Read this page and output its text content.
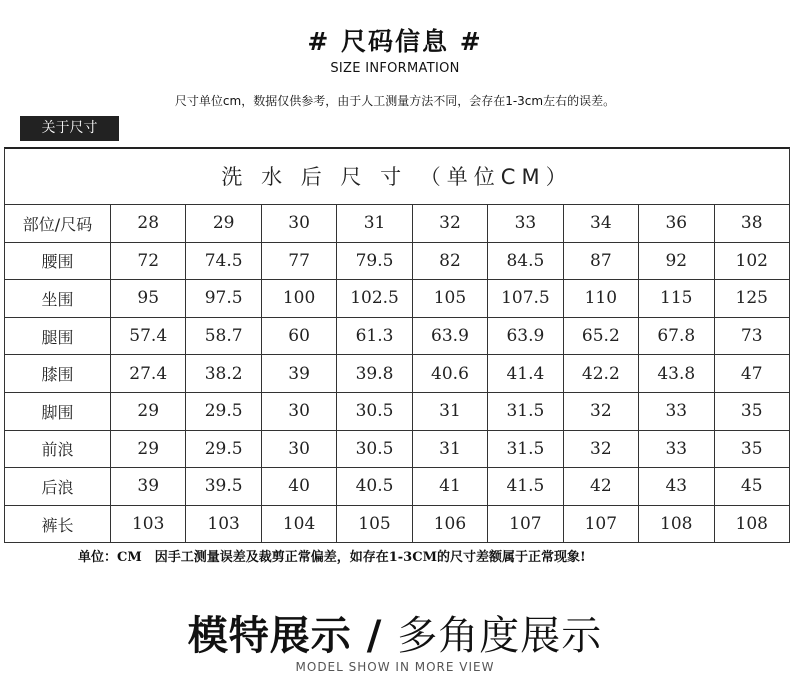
# 尺码信息 #
SIZE INFORMATION
尺寸单位cm，数据仅供参考，由于人工测量方法不同，会存在1-3cm左右的误差。
关于尺寸
洗 水 后 尺 寸 （单位CM）									
部位/尺码	28	29	30	31	32	33	34	36	38
腰围	72	74.5	77	79.5	82	84.5	87	92	102
坐围	95	97.5	100	102.5	105	107.5	110	115	125
腿围	57.4	58.7	60	61.3	63.9	63.9	65.2	67.8	73
膝围	27.4	38.2	39	39.8	40.6	41.4	42.2	43.8	47
脚围	29	29.5	30	30.5	31	31.5	32	33	35
前浪	29	29.5	30	30.5	31	31.5	32	33	35
后浪	39	39.5	40	40.5	41	41.5	42	43	45
裤长	103	103	104	105	106	107	107	108	108
单位：CM　因手工测量误差及裁剪正常偏差，如存在1-3CM的尺寸差额属于正常现象!
模特展示 / 多角度展示
MODEL SHOW IN MORE VIEW
